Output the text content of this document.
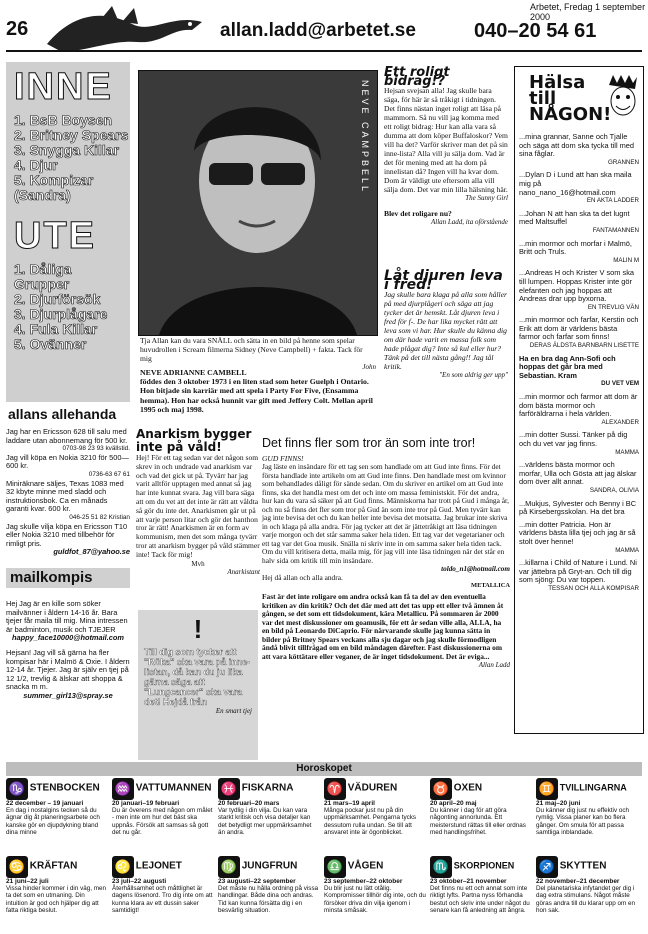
Arbetet, Fredag 1 september 2000
26	allan.ladd@arbetet.se	040–20 54 61
INNE
1. BsB Boysen
2. Britney Spears
3. Snygga Killar
4. Djur
5. Kompizar (Sandra)
UTE
1. Dåliga Grupper
2. Djurförsök
3. Djurplågare
4. Fula Killar
5. Ovänner
allans allehanda

Jag har en Ericsson 628 till salu med laddare utan abonnemang för 500 kr.

0703-98 23 93 kvällstid.

Jag vill köpa en Nokia 3210 för 500—600 kr.

0736-63 67 61

Miniräknare säljes, Texas 1083 med 32 kbyte minne med sladd och instruktionsbok. Ca en månads garanti kvar. 600 kr.

046-25 51 82 Kristian

Jag skulle vilja köpa en Ericsson T10 eller Nokia 3210 med tillbehör för rimligt pris.

guldfot_87@yahoo.se

mailkompis

Hej Jag är en kille som söker mailvänner i åldern 14-16 år. Bara tjejer får maila till mig. Mina intressen är badminton, musik och TJEJER

happy_face10000@hotmail.com

Hejsan! Jag vill så gärna ha fler kompisar här i Malmö & Oxie. I åldern 12-14 år. Tjejer. Jag är själv en tjej på 12 1/2, trevlig & älskar att shoppa & snacka m m.

summer_girl13@spray.se

NEVE CAMPBELL

Tja Allan kan du vara SNÄLL och sätta in en bild på henne som spelar huvudrollen i Scream filmerna Sidney (Neve Campbell) + fakta. Tack för mig

John

NEVE ADRIANNE CAMBELL

föddes den 3 oktober 1973 i en liten stad som heter Guelph i Ontario. Hon bitjade sin karriär med att spela i Party For Five, (Ensamma hemma). Hon har också hunnit var gift med Jeffery Colt. Mellan april 1995 och maj 1998.

Ett roligt bidrag!?

Hejsan svejsan alla! Jag skulle bara säga, för här är så tråkigt i tidningen. Det finns nästan inget roligt att läsa på mammorn. Så nu vill jag komma med ett roligt bidrag: Hur kan alla vara så dumma att dom köper Buffaloskor? Vem vill ha det? Varför skriver man det på sin inne-lista? Alla vill ju sälja dom. Vad är det för mening med att ha dom på innelistan då? Ingen vill ha kvar dom. Dom är väldigt ute eftersom alla vill sälja dom. Det var min lilla hälsning här.

The Sunny Girl

Blev det roligare nu?

Allan Ladd, ita oförstående

Låt djuren leva i fred!

Jag skulle bara klaga på alla som håller på med djurplågeri och säga att jag tycker det är hemskt. Låt djuren leva i fred för f-. De har lika mycket rätt att leva som vi har. Hur skulle du känna dig om där hade varit en massa folk som hade plågat dig? Inte så kul eller hur? Tänk på det till nästa gång!! Jag tål kritik.

"En som aldrig ger upp"

Hälsa till NÅGON!
...mina grannar, Sanne och Tjalle och säga att dom ska tycka till med sina fåglar.
GRANNEN
...Dylan D i Lund att han ska maila mig på nano_nano_16@hotmail.com
EN AKTA LADDER
...Johan N att han ska ta det lugnt med Maltsuffel
FANTAMANNEN
...min mormor och morfar i Malmö, Britt och Truls.
MALIN M
...Andreas H och Krister V som ska till lumpen. Hoppas Krister inte gör elefanten och jag hoppas att Andreas drar upp byxorna.
EN TREVLIG VÄN
...min mormor och farfar, Kerstin och Erik att dom är världens bästa farmor och farfar som finns!
DERAS ÄLDSTA BARNBARN LISETTE
Ha en bra dag Ann-Sofi och hoppas det går bra med Sebastian. Kram
DU VET VEM
...min mormor och farmor att dom är dom bästa mormor och farföräldrarna i hela världen.
ALEXANDER
...min dotter Sussi. Tänker på dig och du vet var jag finns.
MAMMA
...världens bästa mormor och morfar, Ulla och Gösta att jag älskar dom över allt annat.
SANDRA, OLIVIA
...Mukjus, Sylvester och Benny i BC på Kirsebergsskolan. Ha det bra
...min dotter Patricia. Hon är världens bästa lilla tjej och jag är så stolt över henne!
MAMMA
...killarna i Child of Nature i Lund. Ni var jättebra på Gryt-an. Och till dig som sjöng: Du var toppen.
TESSAN OCH ALLA KOMPISAR
Anarkism bygger inte på våld!

Hej! För ett tag sedan var det någon som skrev in och undrade vad anarkism var och vad det gick ut på. Tyvärr har jag varit alltför upptagen med annat så jag har inte kunnat svara. Jag vill bara säga att om du vet att det inte är rätt att våldta så gör du inte det. Anarkismen går ut på att varje person litar och gör det hanthon tror är rätt! Anarkismen är en form av kommunism, men det som många tyvärr tror att anarkism bygger på våld stämmer inte! Tack för mig!

Mvh

Anarkistant

!

Till dig som tycker att "Röka" ska vara på inne-listan, då kan du ju lika gärna säga att "Lungcancer" ska vara det! Hejdå från

En smart tjej

Det finns fler som tror än som inte tror!

GUD FINNS!

Jag läste en insändare för ett tag sen som handlade om att Gud inte finns. För det första handlade inte artikeln om att Gud inte finns. Den handlade mest om kvinnor som behandlades dåligt för sände sedan. Om du skriver en artikel om att Gud inte finns, ska det handla mest om det och inte om massa feministskit. För det andra, hur kan du vara så säker på att Gud finns. Människorna har trott på Gud i många år, och nu så finns det fler som tror på Gud än som inte tror på Gud. Men tyvärr kan jag inte bevisa det och du kan heller inte bevisa det motsatta. Jag brukar inte skriva in och klaga på alla andra. För jag tycker att det är jättetråkigt att läsa tidningen varje morgon och det står samma saker hela tiden. Ett tag var det vegetarianer och ett tag var det Goa musik. Snälla ni skriv inte in om samma saker hela tiden tack. Om du vill kritisera detta, maila mig, för jag vill inte läsa tidningen när det står en halv sida om kritik till min insändare.

toldo_n1@hotmail.com

Hej då allan och alla andra.

METALLICA

Fast är det inte roligare om andra också kan få ta del av den eventuella kritiken av din kritik? Och det där med att det tas upp ett eller två ämnen åt gången, se det som ett tidsdokument, kära Metallicu. På sommaren år 2000 var det mest diskussioner om goamusik, för ett år sedan ville alla, ALLA, ha en bild på Leonardo DiCaprio. För närvarande skulle jag kunna sätta in bilder på Britney Spears veckans alla sju dagar och jag skulle förmodligen ändå blivit tillfrågad om en bild måndagen därefter. Fast diskussionerna om att vara köttätare eller veganer, de är inget tidsdokument. Det är eviga...

Allan Ladd

Horoskopet
♑ STENBOCKEN
22 december – 19 januari
En dag i nostalgins tecken så du ägnar dig åt planeringsarbete och kanske gör en djupdykning bland dina minne
♒ VATTUMANNEN
20 januari–19 februari
Du är överens med någon om målet - men inte om hur det bäst ska uppnås. Försök att samsas så gott det nu går.
♓ FISKARNA
20 februari–20 mars
Var tydlig i din vilja. Du kan vara starkt kritisk och visa detaljer kan det betydligt mer uppmärksamhet än andra.
♈ VÄDUREN
21 mars–19 april
Många pockar just nu på din uppmärksamhet. Pengarna tycks dessutom rulla undan. Se till att ansvaret inte är ögonblicket.
♉ OXEN
20 april–20 maj
Du känner i dag för att göra någonting annorlunda. Ett meisterstund rättas till eller ordnas med handlingsfrihet.
♊ TVILLINGARNA
21 maj–20 juni
Du känner dig just nu effektiv och rymlig. Vissa planer kan bo flera gånger. Om smula för att passa samtliga inblandade.
♋ KRÄFTAN
21 juni–22 juli
Vissa hinder kommer i din väg, men ta det som en utmaning. Din intuition är god och hjälper dig att fatta riktiga beslut.
♌ LEJONET
23 juli–22 augusti
Återhållsamhet och måttlighet är dagens lösenord. Tro dig inte om att kunna klara av ett dussin saker samtidigt!
♍ JUNGFRUN
23 augusti–22 september
Det måste nu hålla ordning på vissa handlingar. Både dina och andras. Tid kan kunna försätta dig i en besvärlig situation.
♎ VÅGEN
23 september–22 oktober
Du blir just nu lätt otålig. Kompromisser tillhör dig inte, och du försöker driva din vilja igenom i minsta småsak.
♏ SKORPIONEN
23 oktober–21 november
Det finns nu ett och annat som inte riktigt lyfts. Partna nyss förhandla bestut och skriv inte under något du senare kan få anledning att ångra.
♐ SKYTTEN
22 november–21 december
Del planetariska infytandet ger dig i dag extra stimulans. Något måste göras andra till du klarar upp om en hon sak.
